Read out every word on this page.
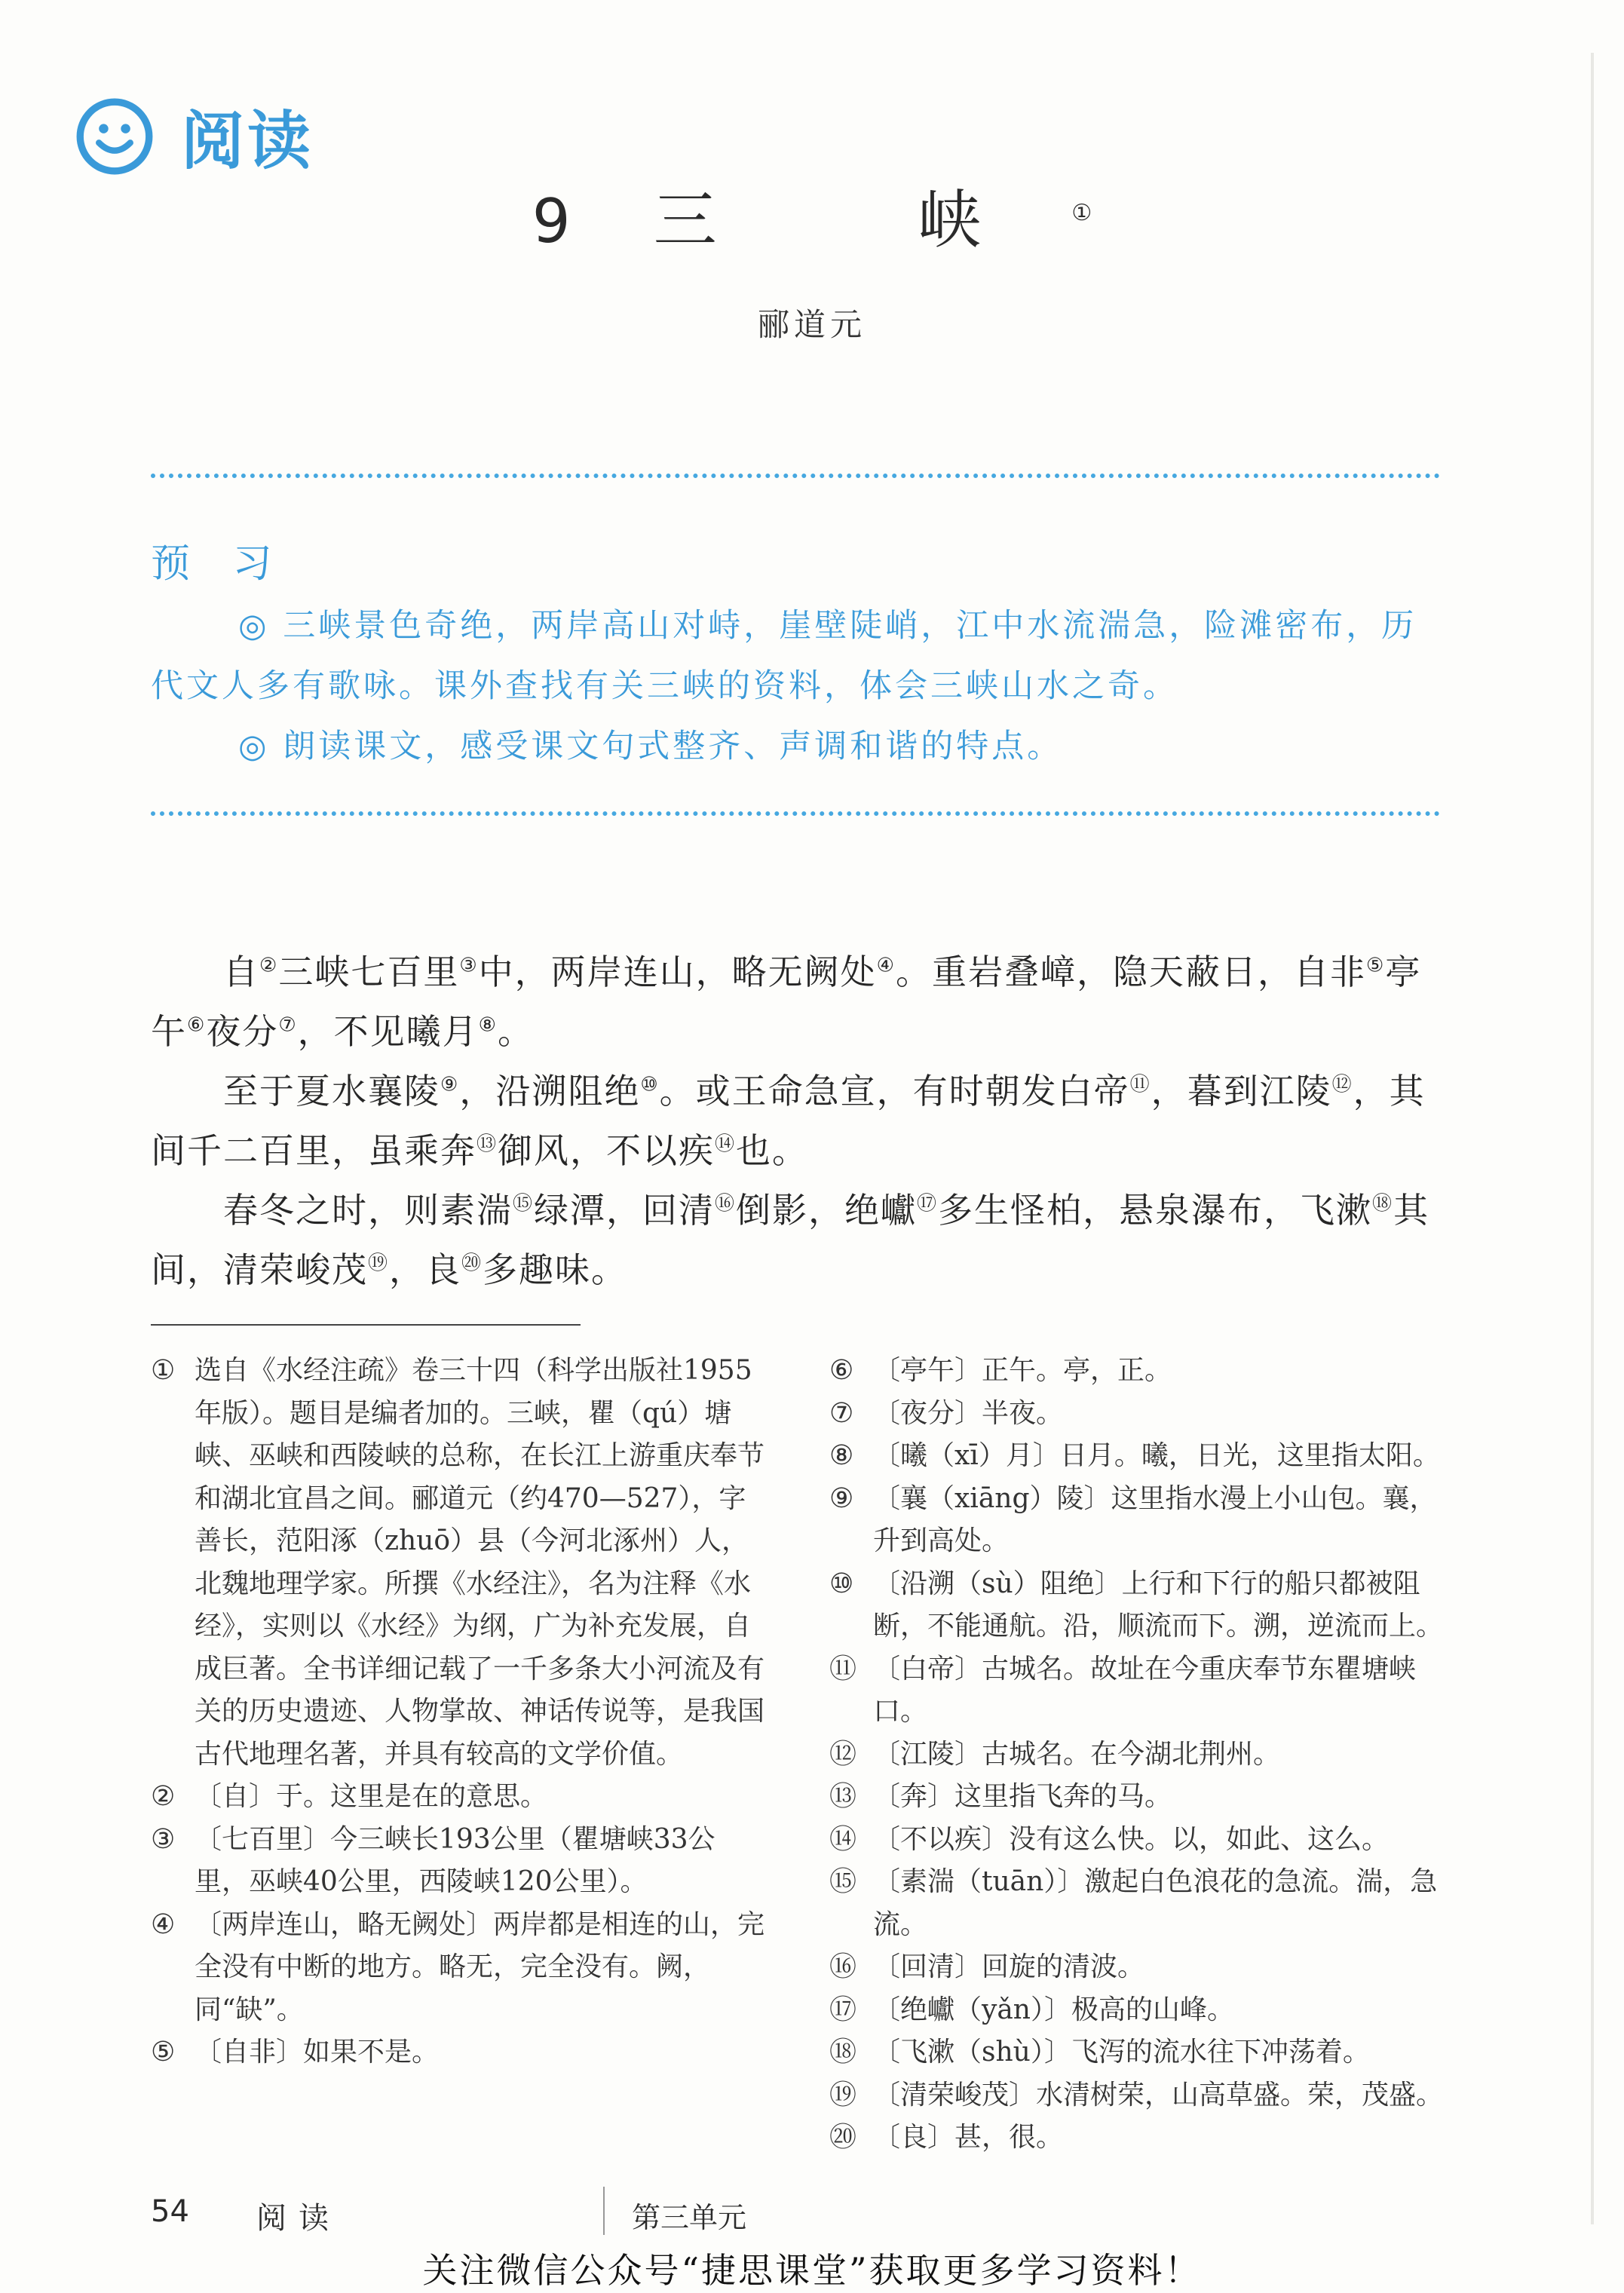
阅读
9 三 峡①
郦道元
预 习

◎ 三峡景色奇绝，两岸高山对峙，崖壁陡峭，江中水流湍急，险滩密布，历代文人多有歌咏。课外查找有关三峡的资料，体会三峡山水之奇。

◎ 朗读课文，感受课文句式整齐、声调和谐的特点。

自②三峡七百里③中，两岸连山，略无阙处④。重岩叠嶂，隐天蔽日，自非⑤亭午⑥夜分⑦，不见曦月⑧。

至于夏水襄陵⑨，沿溯阻绝⑩。或王命急宣，有时朝发白帝⑪，暮到江陵⑫，其间千二百里，虽乘奔⑬御风，不以疾⑭也。

春冬之时，则素湍⑮绿潭，回清⑯倒影，绝巘⑰多生怪柏，悬泉瀑布，飞漱⑱其间，清荣峻茂⑲，良⑳多趣味。

① 选自《水经注疏》卷三十四（科学出版社1955年版）。题目是编者加的。三峡，瞿（qú）塘峡、巫峡和西陵峡的总称，在长江上游重庆奉节和湖北宜昌之间。郦道元（约470—527），字善长，范阳涿（zhuō）县（今河北涿州）人，北魏地理学家。所撰《水经注》，名为注释《水经》，实则以《水经》为纲，广为补充发展，自成巨著。全书详细记载了一千多条大小河流及有关的历史遗迹、人物掌故、神话传说等，是我国古代地理名著，并具有较高的文学价值。
② 〔自〕于。这里是在的意思。
③ 〔七百里〕今三峡长193公里（瞿塘峡33公里，巫峡40公里，西陵峡120公里）。
④ 〔两岸连山，略无阙处〕两岸都是相连的山，完全没有中断的地方。略无，完全没有。阙，同“缺”。
⑤ 〔自非〕如果不是。
⑥ 〔亭午〕正午。亭，正。
⑦ 〔夜分〕半夜。
⑧ 〔曦（xī）月〕日月。曦，日光，这里指太阳。
⑨ 〔襄（xiāng）陵〕这里指水漫上小山包。襄，升到高处。
⑩ 〔沿溯（sù）阻绝〕上行和下行的船只都被阻断，不能通航。沿，顺流而下。溯，逆流而上。
⑪ 〔白帝〕古城名。故址在今重庆奉节东瞿塘峡口。
⑫ 〔江陵〕古城名。在今湖北荆州。
⑬ 〔奔〕这里指飞奔的马。
⑭ 〔不以疾〕没有这么快。以，如此、这么。
⑮ 〔素湍（tuān）〕激起白色浪花的急流。湍，急流。
⑯ 〔回清〕回旋的清波。
⑰ 〔绝巘（yǎn）〕极高的山峰。
⑱ 〔飞漱（shù）〕飞泻的流水往下冲荡着。
⑲ 〔清荣峻茂〕水清树荣，山高草盛。荣，茂盛。
⑳ 〔良〕甚，很。
54 阅读	第三单元
关注微信公众号“捷思课堂”获取更多学习资料！
